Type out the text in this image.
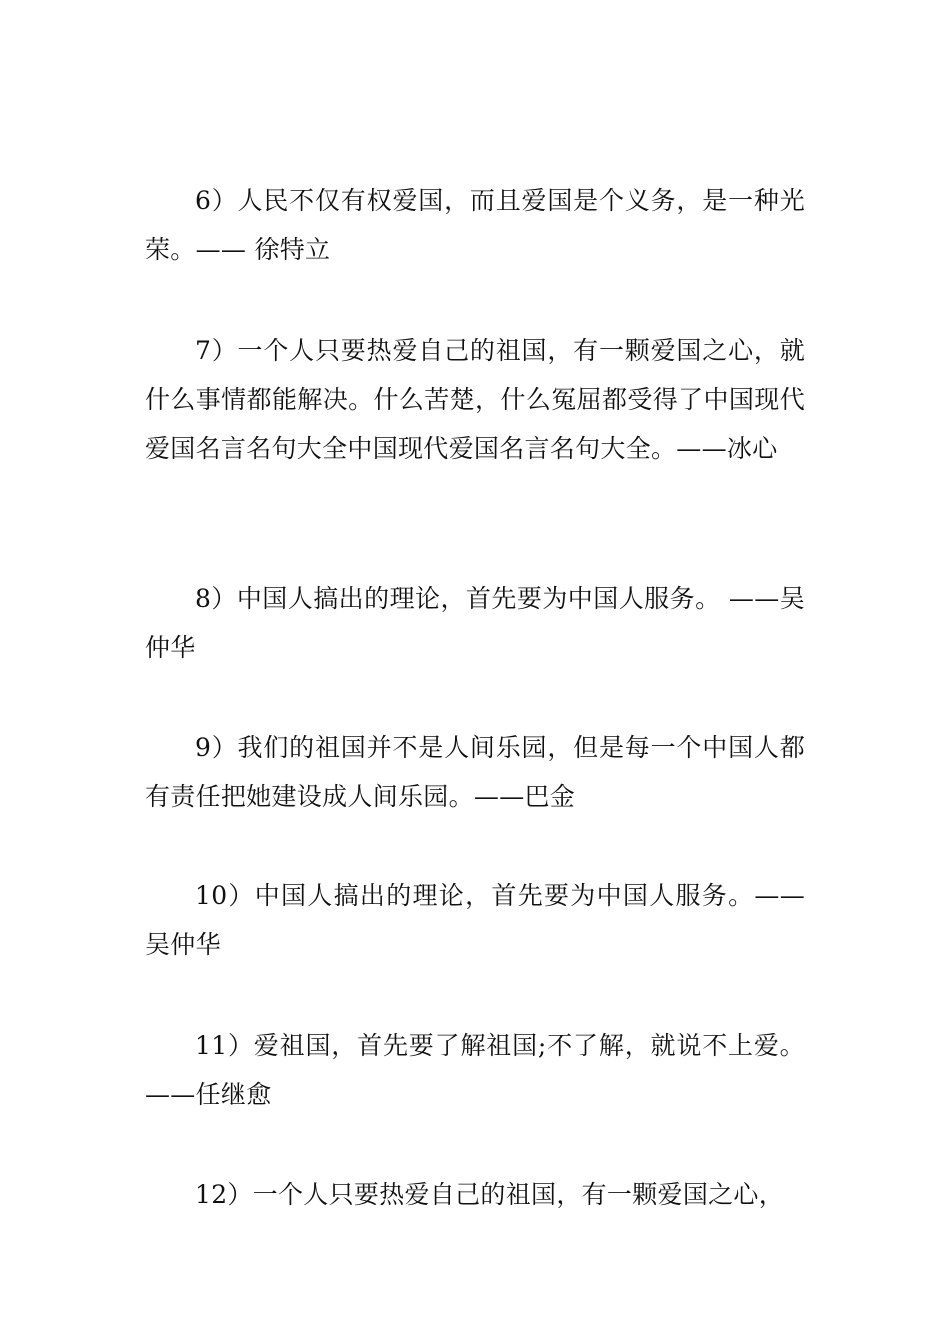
6）人民不仅有权爱国，而且爱国是个义务，是一种光荣。—— 徐特立

7）一个人只要热爱自己的祖国，有一颗爱国之心，就什么事情都能解决。什么苦楚，什么冤屈都受得了中国现代爱国名言名句大全中国现代爱国名言名句大全。——冰心

8）中国人搞出的理论，首先要为中国人服务。 ——吴仲华

9）我们的祖国并不是人间乐园，但是每一个中国人都有责任把她建设成人间乐园。——巴金

10）中国人搞出的理论，首先要为中国人服务。——吴仲华

11）爱祖国，首先要了解祖国;不了解，就说不上爱。——任继愈

12）一个人只要热爱自己的祖国，有一颗爱国之心，
